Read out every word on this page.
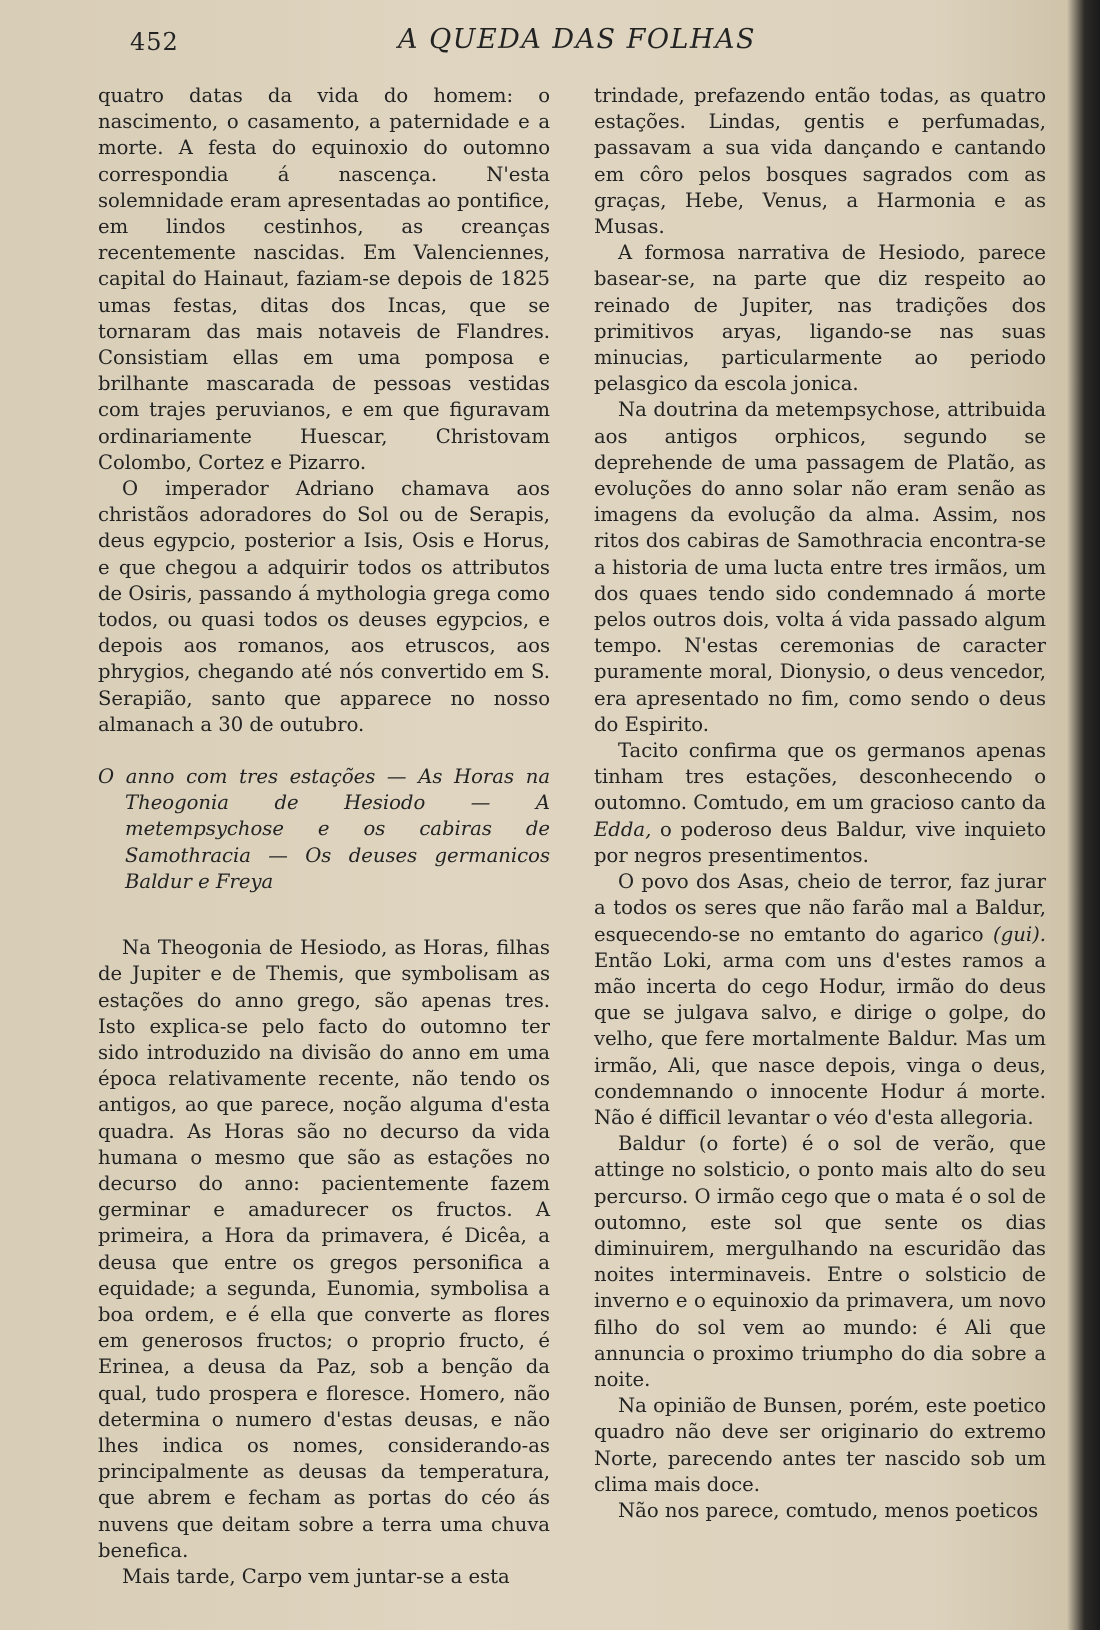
452	A QUEDA DAS FOLHAS

quatro datas da vida do homem: o nascimento, o casamento, a paternidade e a morte. A festa do equinoxio do outomno correspondia á nascença. N'esta solemnidade eram apresentadas ao pontifice, em lindos cestinhos, as creanças recentemente nascidas. Em Valenciennes, capital do Hainaut, faziam-se depois de 1825 umas festas, ditas dos Incas, que se tornaram das mais notaveis de Flandres. Consistiam ellas em uma pomposa e brilhante mascarada de pessoas vestidas com trajes peruvianos, e em que figuravam ordinariamente Huescar, Christovam Colombo, Cortez e Pizarro.

O imperador Adriano chamava aos christãos adoradores do Sol ou de Serapis, deus egypcio, posterior a Isis, Osis e Horus, e que chegou a adquirir todos os attributos de Osiris, passando á mythologia grega como todos, ou quasi todos os deuses egypcios, e depois aos romanos, aos etruscos, aos phrygios, chegando até nós convertido em S. Serapião, santo que apparece no nosso almanach a 30 de outubro.

O anno com tres estações — As Horas na Theogonia de Hesiodo — A metempsychose e os cabiras de Samothracia — Os deuses germanicos Baldur e Freya

Na Theogonia de Hesiodo, as Horas, filhas de Jupiter e de Themis, que symbolisam as estações do anno grego, são apenas tres. Isto explica-se pelo facto do outomno ter sido introduzido na divisão do anno em uma época relativamente recente, não tendo os antigos, ao que parece, noção alguma d'esta quadra. As Horas são no decurso da vida humana o mesmo que são as estações no decurso do anno: pacientemente fazem germinar e amadurecer os fructos. A primeira, a Hora da primavera, é Dicêa, a deusa que entre os gregos personifica a equidade; a segunda, Eunomia, symbolisa a boa ordem, e é ella que converte as flores em generosos fructos; o proprio fructo, é Erinea, a deusa da Paz, sob a benção da qual, tudo prospera e floresce. Homero, não determina o numero d'estas deusas, e não lhes indica os nomes, considerando-as principalmente as deusas da temperatura, que abrem e fecham as portas do céo ás nuvens que deitam sobre a terra uma chuva benefica.

Mais tarde, Carpo vem juntar-se a esta

trindade, prefazendo então todas, as quatro estações. Lindas, gentis e perfumadas, passavam a sua vida dançando e cantando em côro pelos bosques sagrados com as graças, Hebe, Venus, a Harmonia e as Musas.

A formosa narrativa de Hesiodo, parece basear-se, na parte que diz respeito ao reinado de Jupiter, nas tradições dos primitivos aryas, ligando-se nas suas minucias, particularmente ao periodo pelasgico da escola jonica.

Na doutrina da metempsychose, attribuida aos antigos orphicos, segundo se deprehende de uma passagem de Platão, as evoluções do anno solar não eram senão as imagens da evolução da alma. Assim, nos ritos dos cabiras de Samothracia encontra-se a historia de uma lucta entre tres irmãos, um dos quaes tendo sido condemnado á morte pelos outros dois, volta á vida passado algum tempo. N'estas ceremonias de caracter puramente moral, Dionysio, o deus vencedor, era apresentado no fim, como sendo o deus do Espirito.

Tacito confirma que os germanos apenas tinham tres estações, desconhecendo o outomno. Comtudo, em um gracioso canto da Edda, o poderoso deus Baldur, vive inquieto por negros presentimentos.

O povo dos Asas, cheio de terror, faz jurar a todos os seres que não farão mal a Baldur, esquecendo-se no emtanto do agarico (gui). Então Loki, arma com uns d'estes ramos a mão incerta do cego Hodur, irmão do deus que se julgava salvo, e dirige o golpe, do velho, que fere mortalmente Baldur. Mas um irmão, Ali, que nasce depois, vinga o deus, condemnando o innocente Hodur á morte. Não é difficil levantar o véo d'esta allegoria.

Baldur (o forte) é o sol de verão, que attinge no solsticio, o ponto mais alto do seu percurso. O irmão cego que o mata é o sol de outomno, este sol que sente os dias diminuirem, mergulhando na escuridão das noites interminaveis. Entre o solsticio de inverno e o equinoxio da primavera, um novo filho do sol vem ao mundo: é Ali que annuncia o proximo triumpho do dia sobre a noite.

Na opinião de Bunsen, porém, este poetico quadro não deve ser originario do extremo Norte, parecendo antes ter nascido sob um clima mais doce.

Não nos parece, comtudo, menos poeticos
